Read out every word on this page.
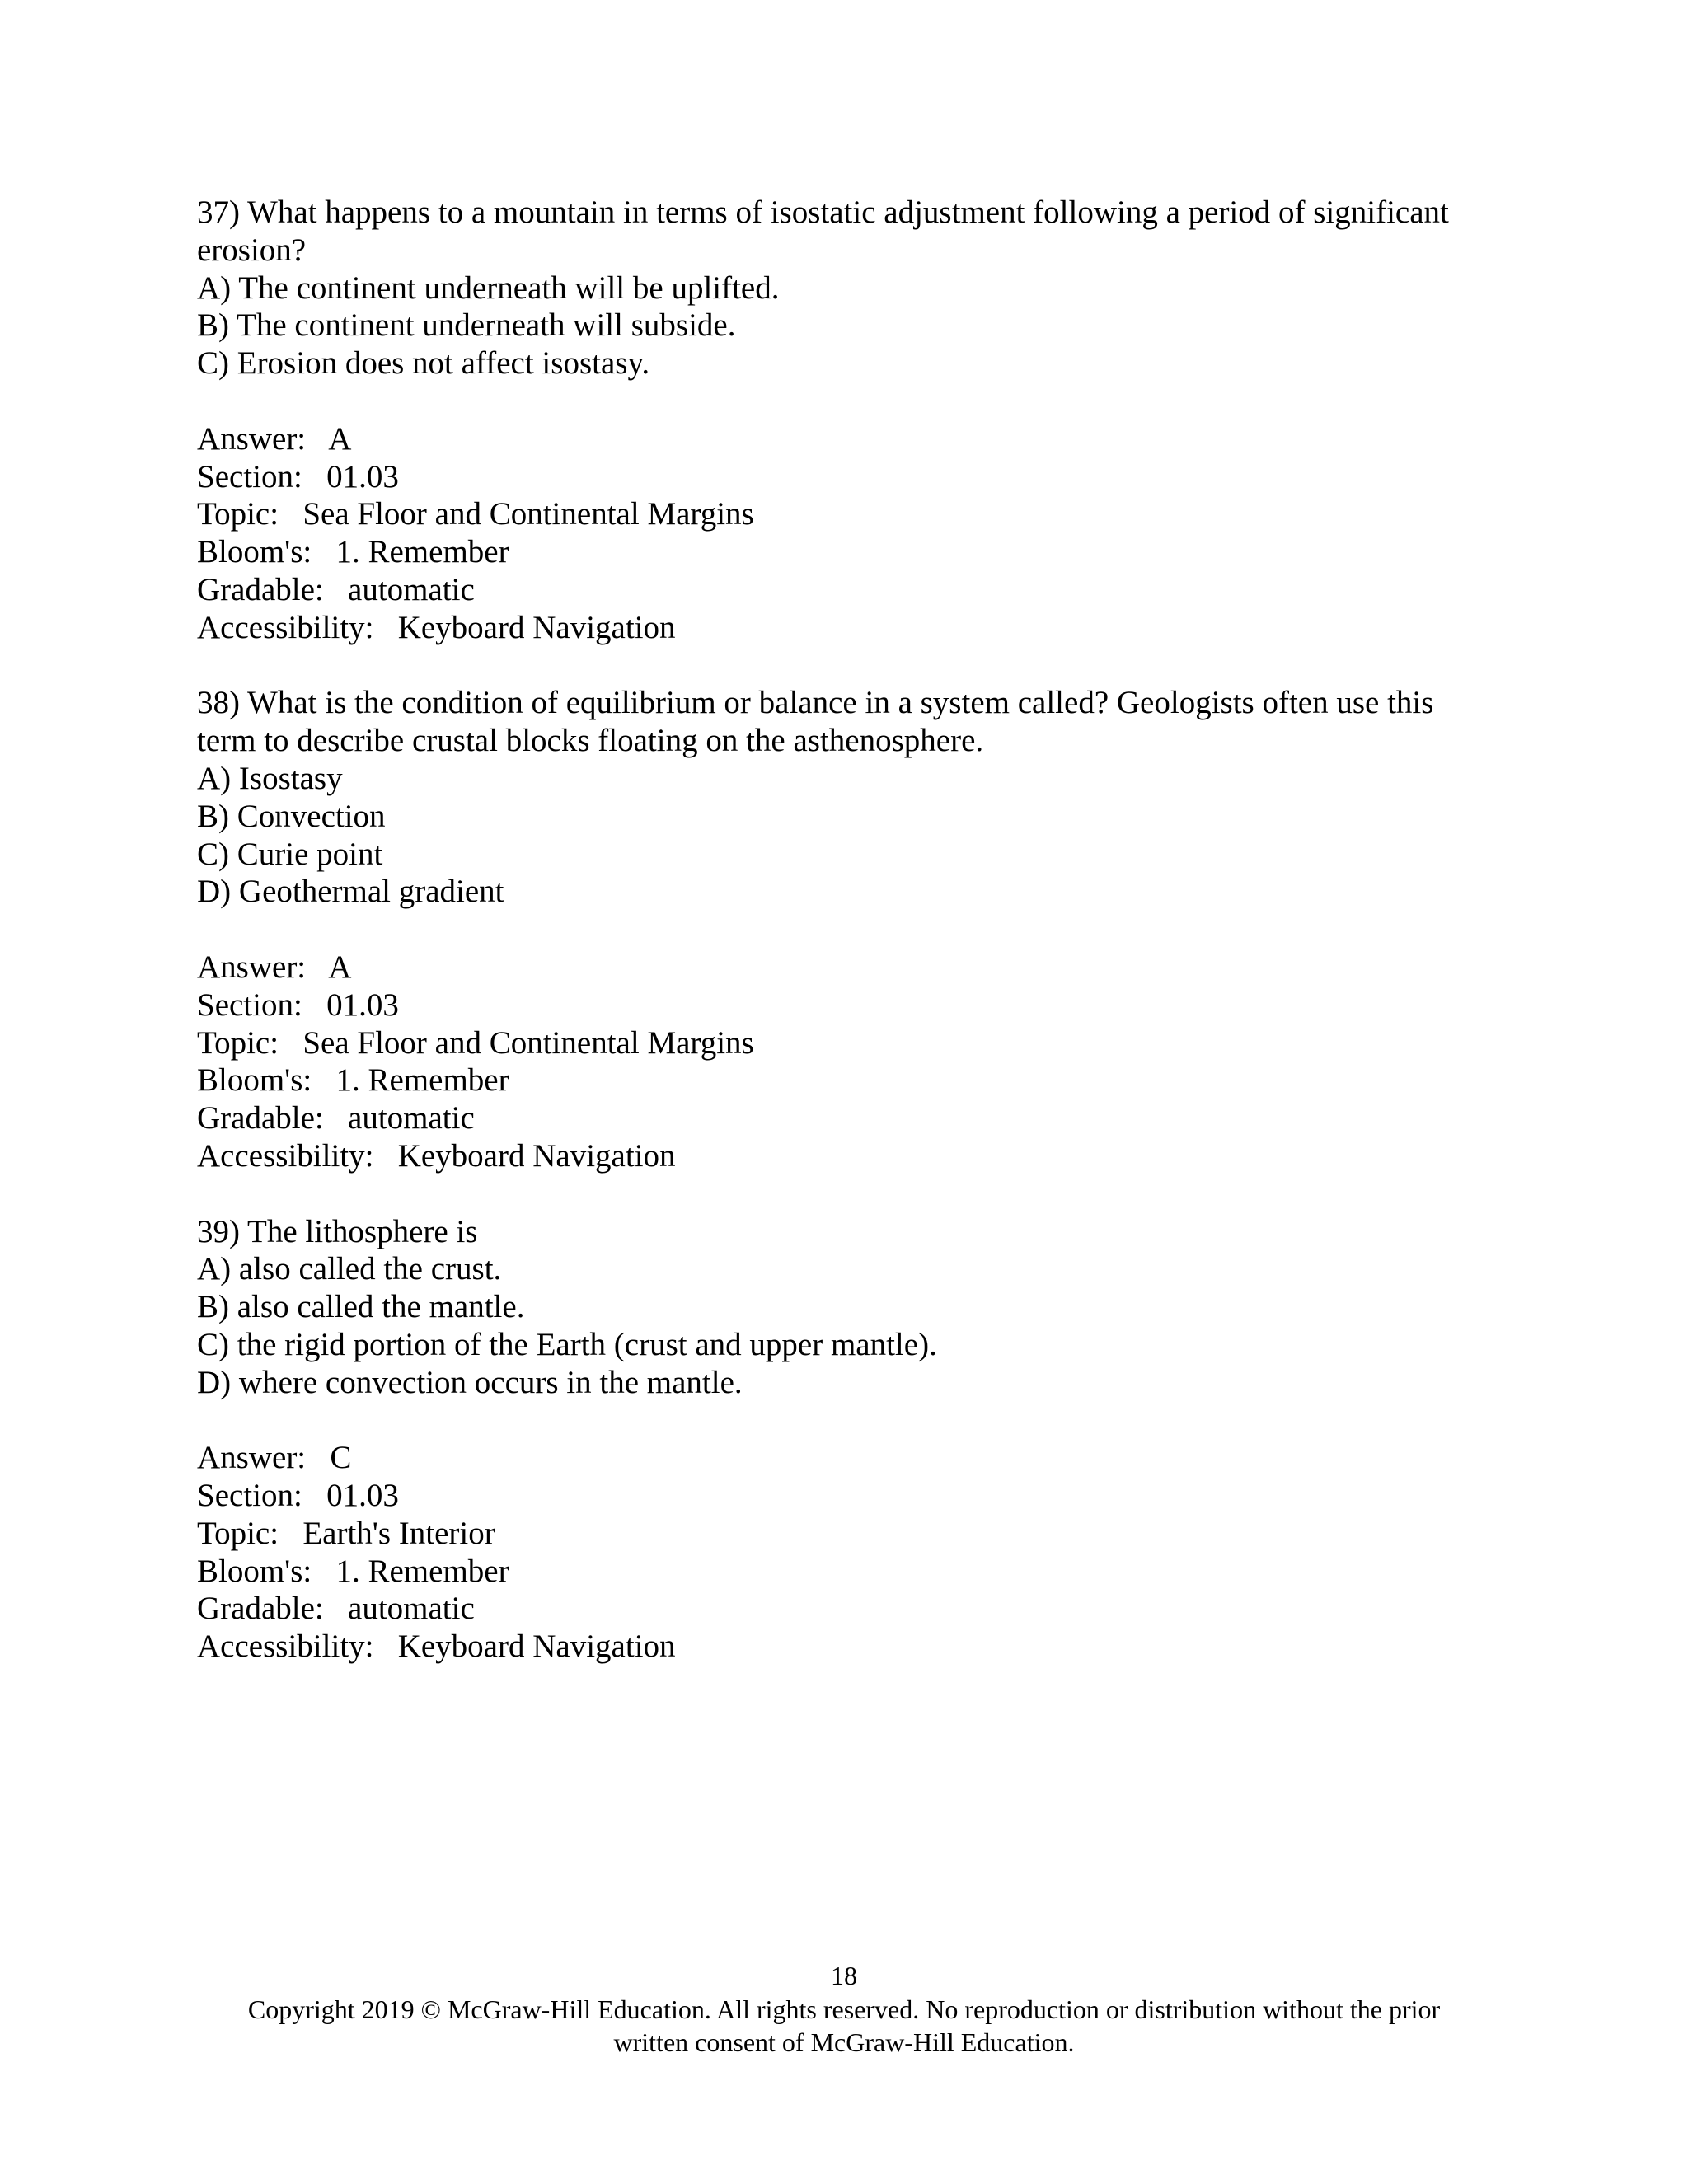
37) What happens to a mountain in terms of isostatic adjustment following a period of significant
erosion?
A) The continent underneath will be uplifted.
B) The continent underneath will subside.
C) Erosion does not affect isostasy.
Answer:   A
Section:   01.03
Topic:   Sea Floor and Continental Margins
Bloom's:   1. Remember
Gradable:   automatic
Accessibility:   Keyboard Navigation
38) What is the condition of equilibrium or balance in a system called? Geologists often use this
term to describe crustal blocks floating on the asthenosphere.
A) Isostasy
B) Convection
C) Curie point
D) Geothermal gradient
Answer:   A
Section:   01.03
Topic:   Sea Floor and Continental Margins
Bloom's:   1. Remember
Gradable:   automatic
Accessibility:   Keyboard Navigation
39) The lithosphere is
A) also called the crust.
B) also called the mantle.
C) the rigid portion of the Earth (crust and upper mantle).
D) where convection occurs in the mantle.
Answer:   C
Section:   01.03
Topic:   Earth's Interior
Bloom's:   1. Remember
Gradable:   automatic
Accessibility:   Keyboard Navigation
18
Copyright 2019 © McGraw-Hill Education. All rights reserved. No reproduction or distribution without the prior
written consent of McGraw-Hill Education.
